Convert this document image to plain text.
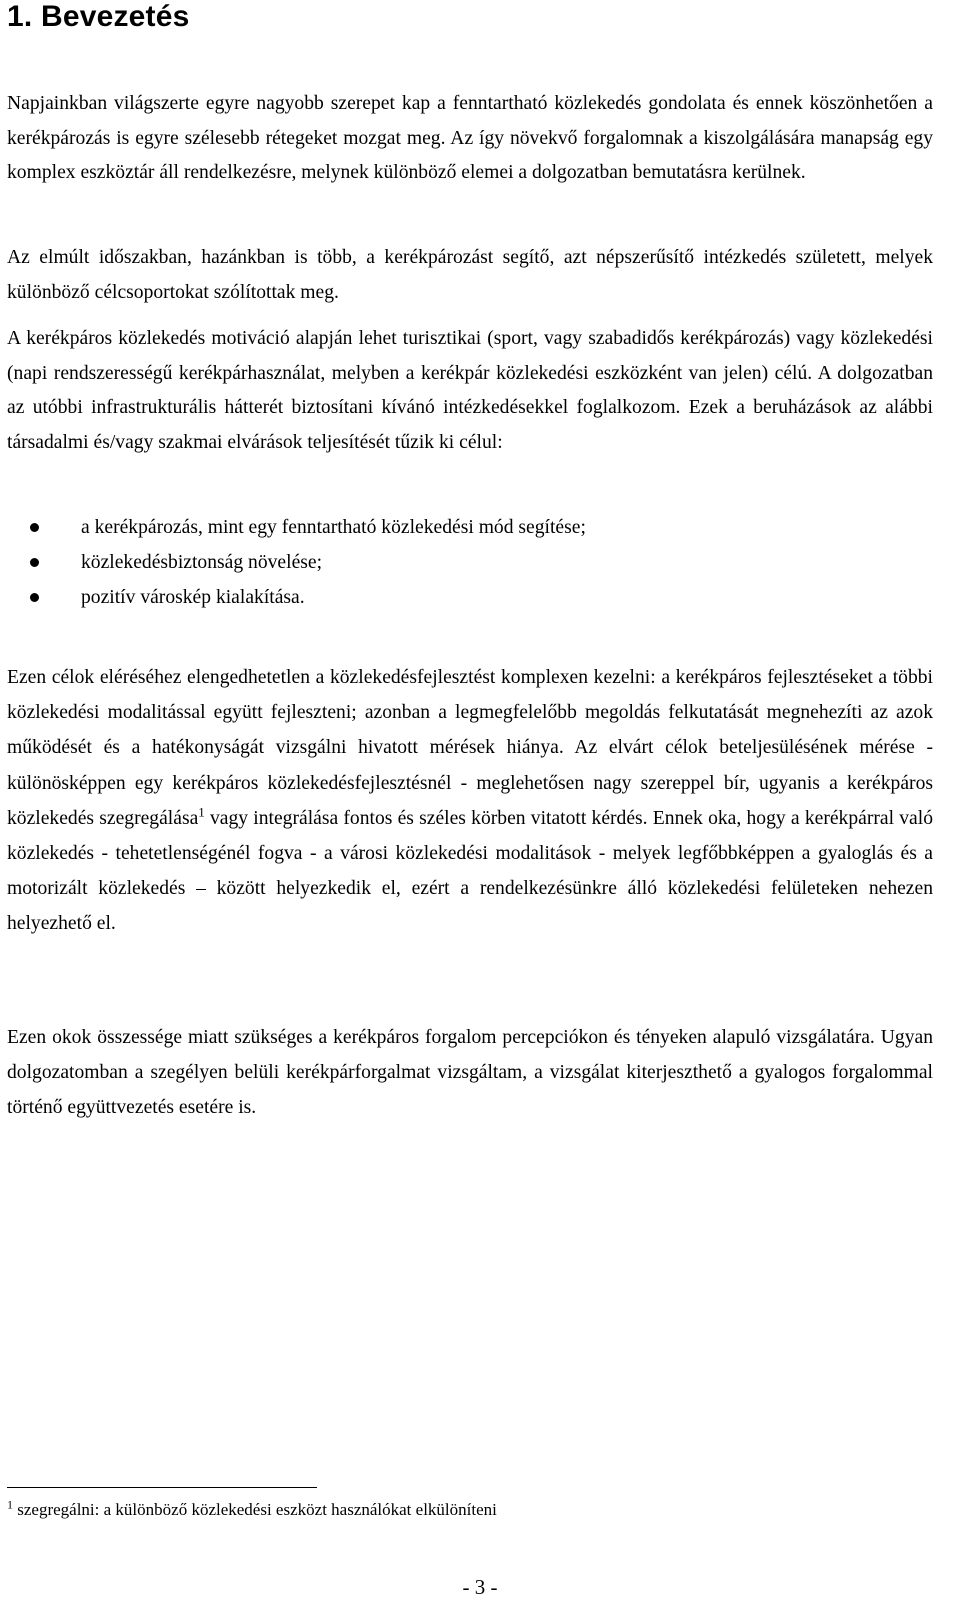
1. Bevezetés

Napjainkban világszerte egyre nagyobb szerepet kap a fenntartható közlekedés gondolata és ennek köszönhetően a kerékpározás is egyre szélesebb rétegeket mozgat meg. Az így növekvő forgalomnak a kiszolgálására manapság egy komplex eszköztár áll rendelkezésre, melynek különböző elemei a dolgozatban bemutatásra kerülnek.

Az elmúlt időszakban, hazánkban is több, a kerékpározást segítő, azt népszerűsítő intézkedés született, melyek különböző célcsoportokat szólítottak meg.

A kerékpáros közlekedés motiváció alapján lehet turisztikai (sport, vagy szabadidős kerékpározás) vagy közlekedési (napi rendszerességű kerékpárhasználat, melyben a kerékpár közlekedési eszközként van jelen) célú. A dolgozatban az utóbbi infrastrukturális hátterét biztosítani kívánó intézkedésekkel foglalkozom. Ezek a beruházások az alábbi társadalmi és/vagy szakmai elvárások teljesítését tűzik ki célul:

a kerékpározás, mint egy fenntartható közlekedési mód segítése;
közlekedésbiztonság növelése;
pozitív városkép kialakítása.

Ezen célok eléréséhez elengedhetetlen a közlekedésfejlesztést komplexen kezelni: a kerékpáros fejlesztéseket a többi közlekedési modalitással együtt fejleszteni; azonban a legmegfelelőbb megoldás felkutatását megnehezíti az azok működését és a hatékonyságát vizsgálni hivatott mérések hiánya. Az elvárt célok beteljesülésének mérése - különösképpen egy kerékpáros közlekedésfejlesztésnél - meglehetősen nagy szereppel bír, ugyanis a kerékpáros közlekedés szegregálása$^1$ vagy integrálása fontos és széles körben vitatott kérdés. Ennek oka, hogy a kerékpárral való közlekedés - tehetetlenségénél fogva - a városi közlekedési modalitások - melyek legfőbbképpen a gyaloglás és a motorizált közlekedés – között helyezkedik el, ezért a rendelkezésünkre álló közlekedési felületeken nehezen helyezhető el.

Ezen okok összessége miatt szükséges a kerékpáros forgalom percepciókon és tényeken alapuló vizsgálatára. Ugyan dolgozatomban a szegélyen belüli kerékpárforgalmat vizsgáltam, a vizsgálat kiterjeszthető a gyalogos forgalommal történő együttvezetés esetére is.

$^1$ szegregálni: a különböző közlekedési eszközt használókat elkülöníteni
- 3 -
